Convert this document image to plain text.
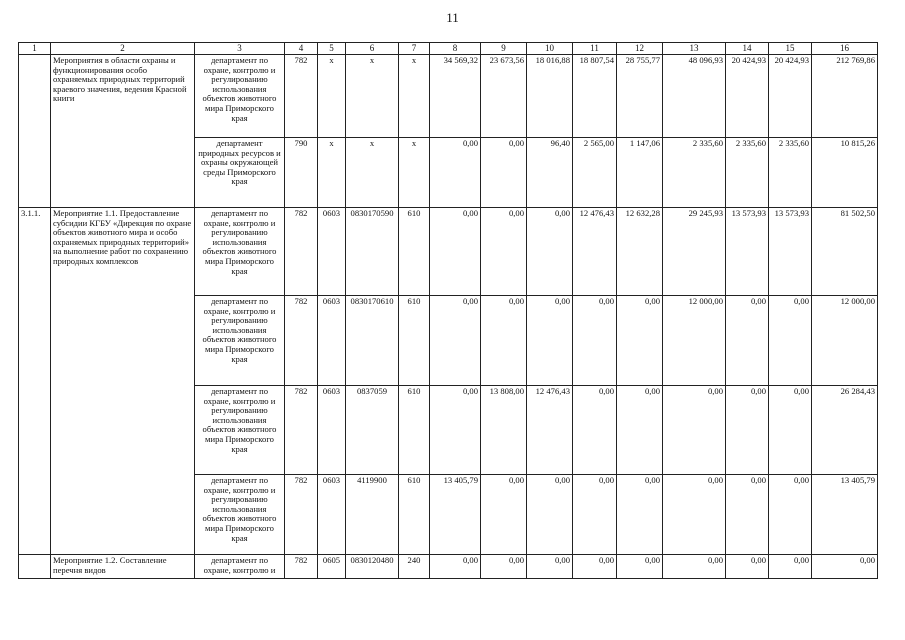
11
1	2	3	4	5	6	7	8	9	10	11	12	13	14	15	16
	Мероприятия в области охраны и функционирования особо охраняемых природных территорий краевого значения, ведения Красной книги	департамент по охране, контролю и регулированию использования объектов животного мира Приморского края	782	x	x	x	34 569,32	23 673,56	18 016,88	18 807,54	28 755,77	48 096,93	20 424,93	20 424,93	212 769,86
		департамент природных ресурсов и охраны окружающей среды Приморского края	790	x	x	x	0,00	0,00	96,40	2 565,00	1 147,06	2 335,60	2 335,60	2 335,60	10 815,26
3.1.1.	Мероприятие 1.1. Предоставление субсидии КГБУ «Дирекция по охране объектов животного мира и особо охраняемых природных территорий» на выполнение работ по сохранению природных комплексов	департамент по охране, контролю и регулированию использования объектов животного мира Приморского края	782	0603	0830170590	610	0,00	0,00	0,00	12 476,43	12 632,28	29 245,93	13 573,93	13 573,93	81 502,50
		департамент по охране, контролю и регулированию использования объектов животного мира Приморского края	782	0603	0830170610	610	0,00	0,00	0,00	0,00	0,00	12 000,00	0,00	0,00	12 000,00
		департамент по охране, контролю и регулированию использования объектов животного мира Приморского края	782	0603	0837059	610	0,00	13 808,00	12 476,43	0,00	0,00	0,00	0,00	0,00	26 284,43
		департамент по охране, контролю и регулированию использования объектов животного мира Приморского края	782	0603	4119900	610	13 405,79	0,00	0,00	0,00	0,00	0,00	0,00	0,00	13 405,79
	Мероприятие 1.2. Составление перечня видов	департамент по охране, контролю и	782	0605	0830120480	240	0,00	0,00	0,00	0,00	0,00	0,00	0,00	0,00	0,00
